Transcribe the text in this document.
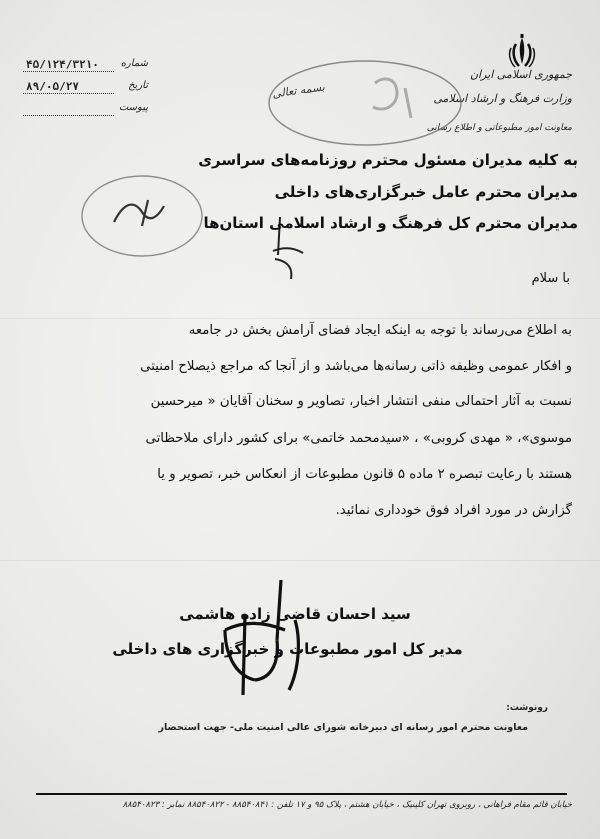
۴۵/۱۲۴/۳۲۱۰ شماره
۸۹/۰۵/۲۷	تاریخ
پیوست
جمهوری اسلامی ایران
وزارت فرهنگ و ارشاد اسلامی
معاونت امور مطبوعاتی و اطلاع رسانی
بسمه تعالی
به کلیه مدیران مسئول محترم روزنامه‌های سراسری
مدیران محترم عامل خبرگزاری‌های داخلی
مدیران محترم کل فرهنگ و ارشاد اسلامی استان‌ها
با سلام
به اطلاع می‌رساند با توجه به اینکه ایجاد فضای آرامش بخش در جامعه
و افکار عمومی وظیفه ذاتی رسانه‌ها می‌باشد و از آنجا که مراجع ذیصلاح امنیتی
نسبت به آثار احتمالی منفی انتشار اخبار، تصاویر و سخنان آقایان « میرحسین
موسوی»، « مهدی کروبی» ، «سیدمحمد خاتمی» برای کشور دارای ملاحظاتی
هستند با رعایت تبصره ۲ ماده ۵ قانون مطبوعات از انعکاس خبر، تصویر و یا
گزارش در مورد افراد فوق خودداری نمائید.
سید احسان قاضی زاده هاشمی
مدیر کل امور مطبوعات و خبرگزاری های داخلی
رونوشت:
معاونت محترم امور رسانه ای دبیرخانه شورای عالی امنیت ملی- جهت استحضار
خیابان قائم مقام فراهانی ، روبروی تهران کلینیک ، خیابان هشتم ، پلاک ۹۵ و ۱۷ تلفن : ۸۸۵۴۰۸۴۱ - ۸۸۵۴۰۸۲۲ نمابر : ۸۸۵۴۰۸۲۳
